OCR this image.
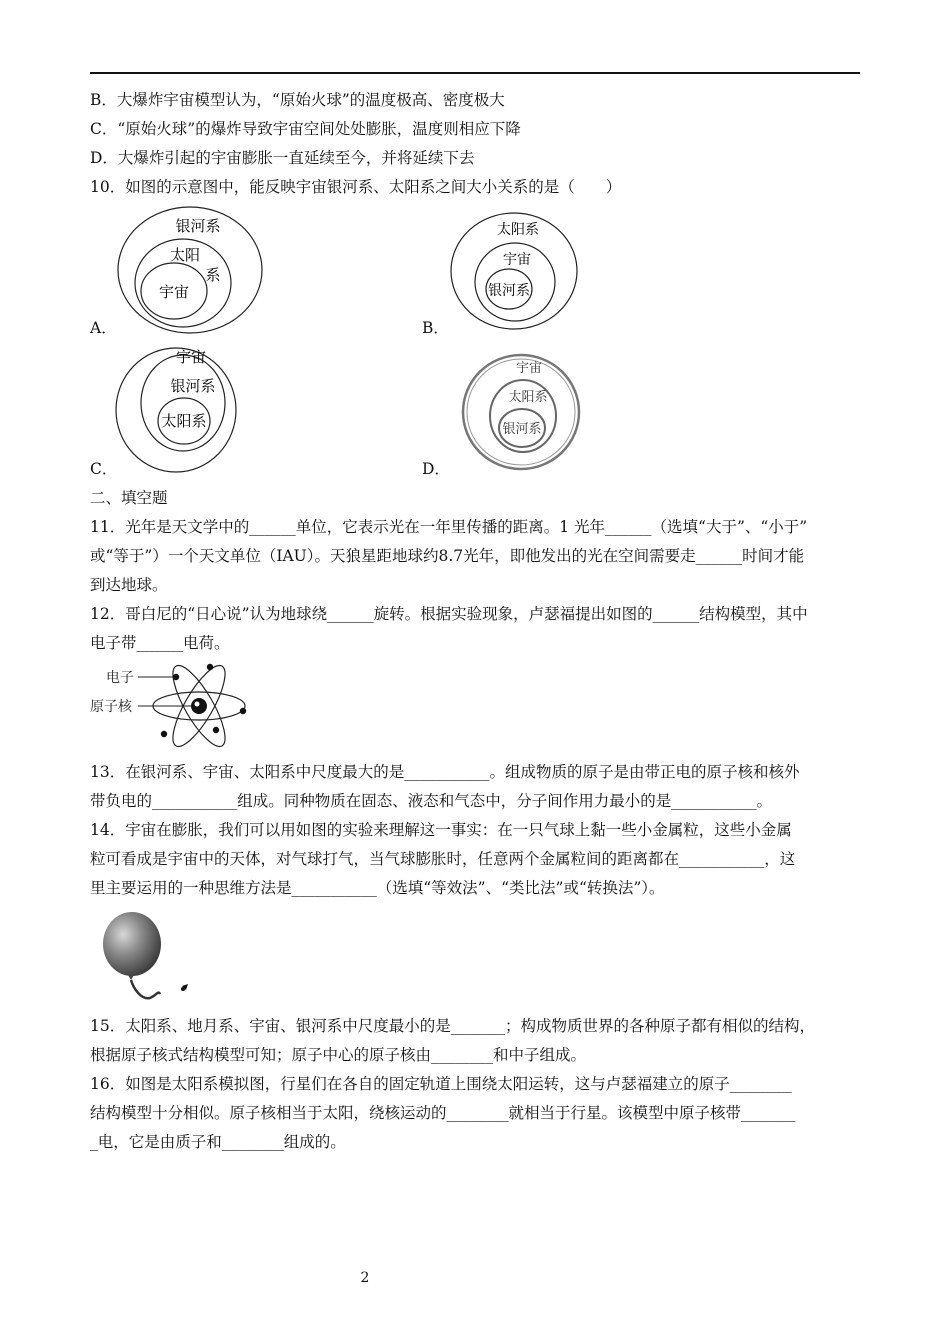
B．大爆炸宇宙模型认为，“原始火球”的温度极高、密度极大
C．“原始火球”的爆炸导致宇宙空间处处膨胀，温度则相应下降
D．大爆炸引起的宇宙膨胀一直延续至今，并将延续下去
10．如图的示意图中，能反映宇宙银河系、太阳系之间大小关系的是（　　）
银河系
太阳
系
宇宙
A．
太阳系
宇宙
银河系
B．
宇宙
银河系
太阳系
C．
宇宙
太阳系
银河系
D．
二、填空题
11．光年是天文学中的______单位，它表示光在一年里传播的距离。1 光年______（选填“大于”、“小于”
或“等于”）一个天文单位（IAU）。天狼星距地球约8.7光年，即他发出的光在空间需要走______时间才能
到达地球。
12．哥白尼的“日心说”认为地球绕______旋转。根据实验现象，卢瑟福提出如图的______结构模型，其中
电子带______电荷。
电子
原子核
13．在银河系、宇宙、太阳系中尺度最大的是___________。组成物质的原子是由带正电的原子核和核外
带负电的___________组成。同种物质在固态、液态和气态中，分子间作用力最小的是___________。
14．宇宙在膨胀，我们可以用如图的实验来理解这一事实：在一只气球上黏一些小金属粒，这些小金属
粒可看成是宇宙中的天体，对气球打气，当气球膨胀时，任意两个金属粒间的距离都在___________，这
里主要运用的一种思维方法是___________（选填“等效法”、“类比法”或“转换法”）。
15．太阳系、地月系、宇宙、银河系中尺度最小的是_______；构成物质世界的各种原子都有相似的结构，
根据原子核式结构模型可知；原子中心的原子核由________和中子组成。
16．如图是太阳系模拟图，行星们在各自的固定轨道上围绕太阳运转，这与卢瑟福建立的原子________
结构模型十分相似。原子核相当于太阳，绕核运动的________就相当于行星。该模型中原子核带_______
_电，它是由质子和________组成的。
2
